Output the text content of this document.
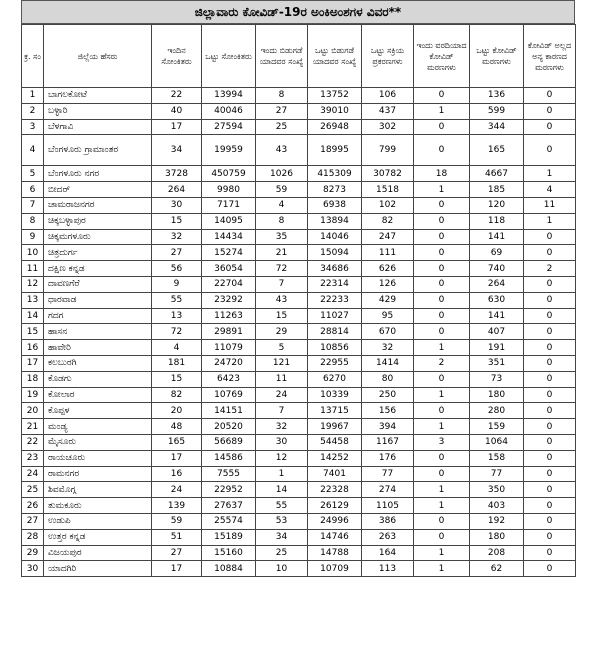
ಜಿಲ್ಲಾವಾರು ಕೋವಿಡ್-19ರ ಅಂಕಿಅಂಶಗಳ ವಿವರ**
ಕ್ರ. ಸಂ	ಜಿಲ್ಲೆಯ ಹೆಸರು	ಇಂದಿನ ಸೋಂಕಿತರು	ಒಟ್ಟು ಸೋಂಕಿತರು	ಇಂದು ಬಿಡುಗಡೆ ಯಾದವರ ಸಂಖ್ಯೆ	ಒಟ್ಟು ಬಿಡುಗಡೆ ಯಾದವರ ಸಂಖ್ಯೆ	ಒಟ್ಟು ಸಕ್ರಿಯ ಪ್ರಕರಣಗಳು	ಇಂದು ವರದಿಯಾದ ಕೋವಿಡ್ ಮರಣಗಳು	ಒಟ್ಟು ಕೋವಿಡ್ ಮರಣಗಳು	ಕೋವಿಡ್ ಅಲ್ಲದ ಅನ್ಯ ಕಾರಣದ ಮರಣಗಳು
1	ಬಾಗಲಕೋಟೆ	22	13994	8	13752	106	0	136	0
2	ಬಳ್ಳಾರಿ	40	40046	27	39010	437	1	599	0
3	ಬೆಳಗಾವಿ	17	27594	25	26948	302	0	344	0
4	ಬೆಂಗಳೂರು ಗ್ರಾಮಾಂತರ	34	19959	43	18995	799	0	165	0
5	ಬೆಂಗಳೂರು ನಗರ	3728	450759	1026	415309	30782	18	4667	1
6	ಬೀದರ್	264	9980	59	8273	1518	1	185	4
7	ಚಾಮರಾಜನಗರ	30	7171	4	6938	102	0	120	11
8	ಚಿಕ್ಕಬಳ್ಳಾಪುರ	15	14095	8	13894	82	0	118	1
9	ಚಿಕ್ಕಮಗಳೂರು	32	14434	35	14046	247	0	141	0
10	ಚಿತ್ರದುರ್ಗ	27	15274	21	15094	111	0	69	0
11	ದಕ್ಷಿಣ ಕನ್ನಡ	56	36054	72	34686	626	0	740	2
12	ದಾವಣಗೆರೆ	9	22704	7	22314	126	0	264	0
13	ಧಾರವಾಡ	55	23292	43	22233	429	0	630	0
14	ಗದಗ	13	11263	15	11027	95	0	141	0
15	ಹಾಸನ	72	29891	29	28814	670	0	407	0
16	ಹಾವೇರಿ	4	11079	5	10856	32	1	191	0
17	ಕಲಬುರಗಿ	181	24720	121	22955	1414	2	351	0
18	ಕೊಡಗು	15	6423	11	6270	80	0	73	0
19	ಕೋಲಾರ	82	10769	24	10339	250	1	180	0
20	ಕೊಪ್ಪಳ	20	14151	7	13715	156	0	280	0
21	ಮಂಡ್ಯ	48	20520	32	19967	394	1	159	0
22	ಮೈಸೂರು	165	56689	30	54458	1167	3	1064	0
23	ರಾಯಚೂರು	17	14586	12	14252	176	0	158	0
24	ರಾಮನಗರ	16	7555	1	7401	77	0	77	0
25	ಶಿವಮೊಗ್ಗ	24	22952	14	22328	274	1	350	0
26	ತುಮಕೂರು	139	27637	55	26129	1105	1	403	0
27	ಉಡುಪಿ	59	25574	53	24996	386	0	192	0
28	ಉತ್ತರ ಕನ್ನಡ	51	15189	34	14746	263	0	180	0
29	ವಿಜಯಪುರ	27	15160	25	14788	164	1	208	0
30	ಯಾದಗಿರಿ	17	10884	10	10709	113	1	62	0
